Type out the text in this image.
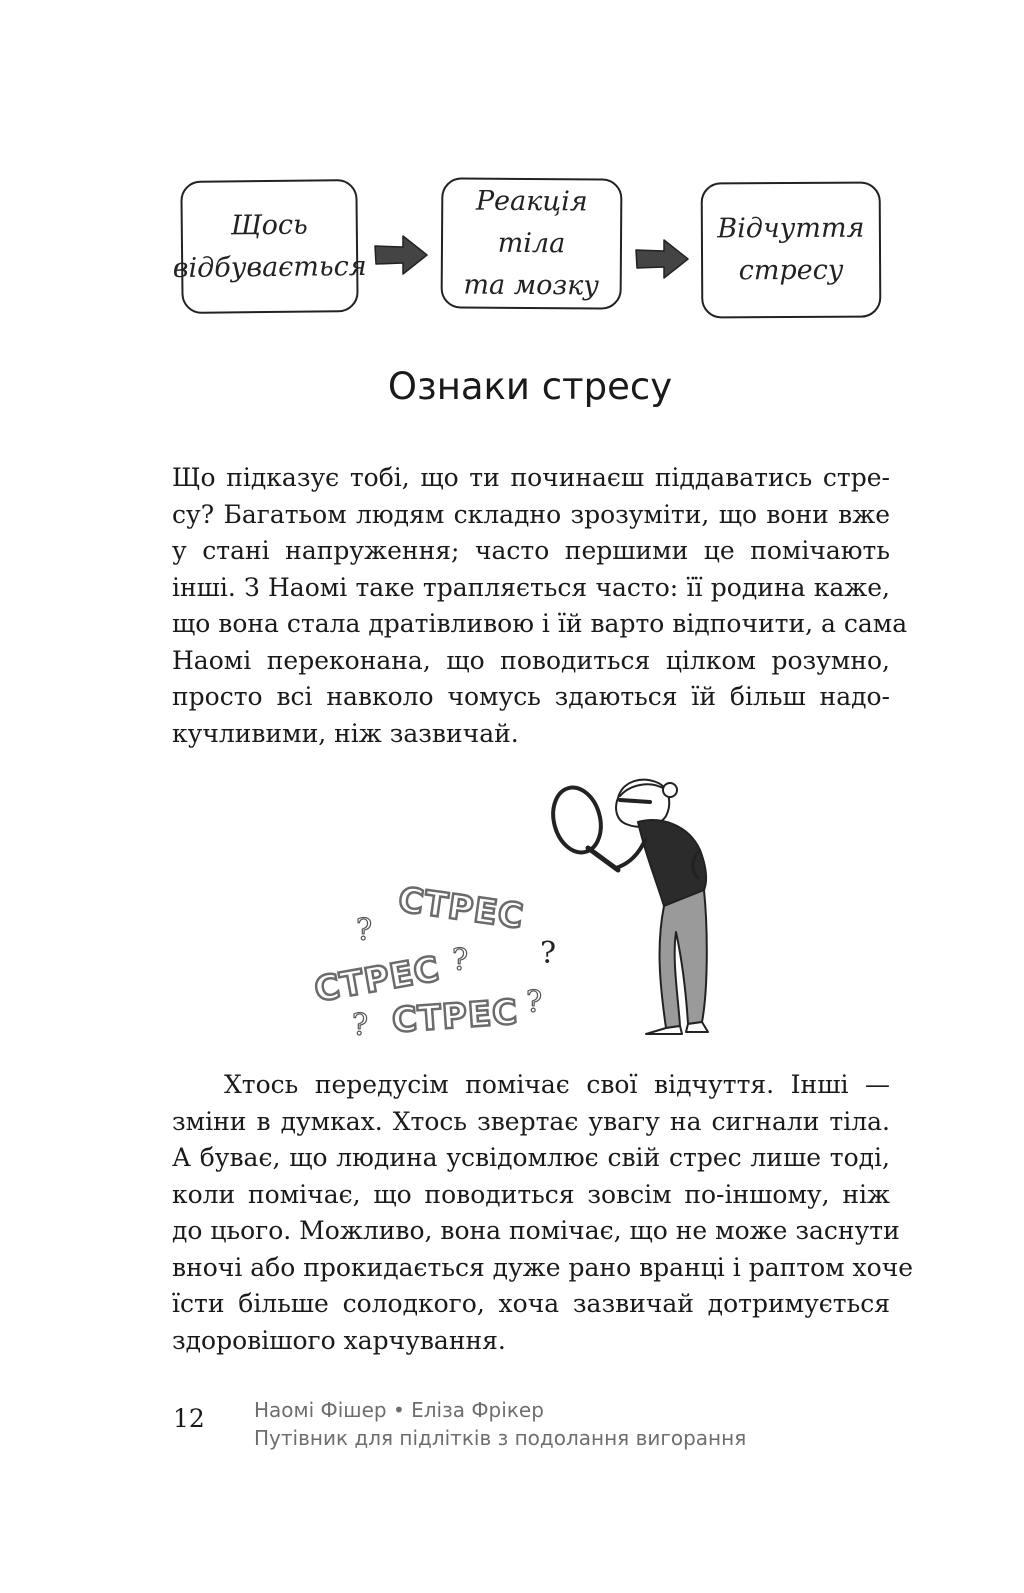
Щось
відбувається
Реакція тіла
та мозку
Відчуття
стресу
Ознаки стресу
Що підказує тобі, що ти починаєш піддаватись стре-
су? Багатьом людям складно зрозуміти, що вони вже
у стані напруження; часто першими це помічають
інші. З Наомі таке трапляється часто: її родина каже,
що вона стала дратівливою і їй варто відпочити, а сама
Наомі переконана, що поводиться цілком розумно,
просто всі навколо чомусь здаються їй більш надо-
кучливими, ніж зазвичай.
СТРЕС
СТРЕС
СТРЕС
?
? ?
?
?
Хтось передусім помічає свої відчуття. Інші —
зміни в думках. Хтось звертає увагу на сигнали тіла.
А буває, що людина усвідомлює свій стрес лише тоді,
коли помічає, що поводиться зовсім по-іншому, ніж
до цього. Можливо, вона помічає, що не може заснути
вночі або прокидається дуже рано вранці і раптом хоче
їсти більше солодкого, хоча зазвичай дотримується
здоровішого харчування.
12 Наомі Фішер • Еліза Фрікер
Путівник для підлітків з подолання вигорання
